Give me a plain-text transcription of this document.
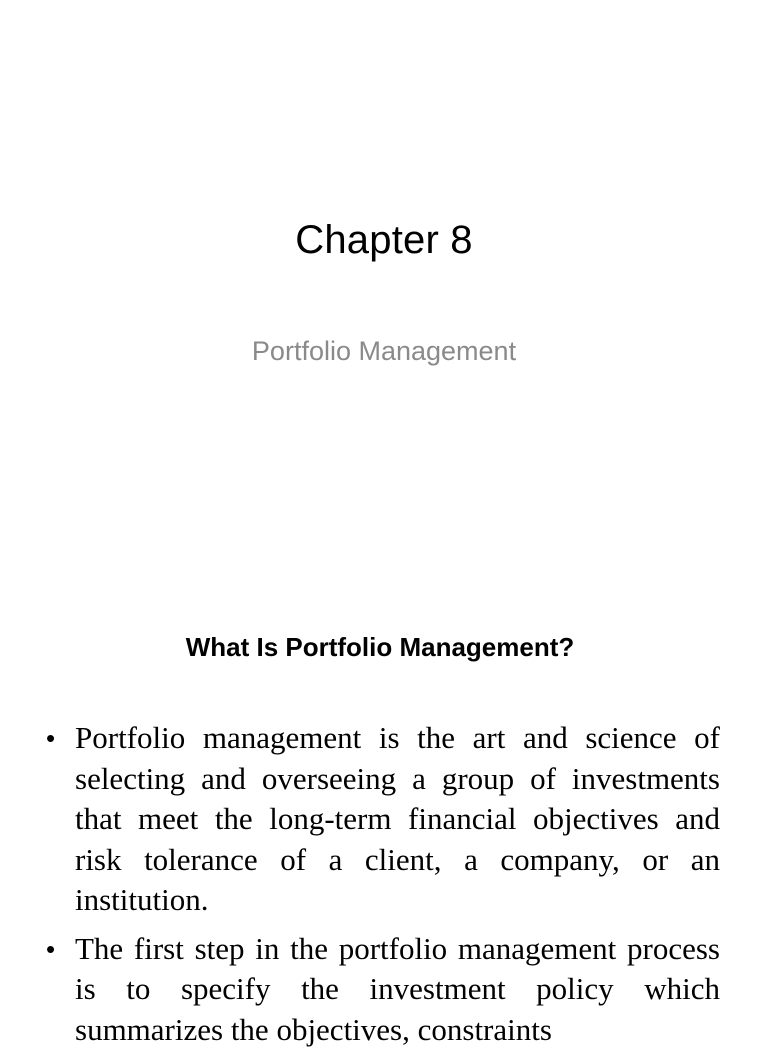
Chapter 8
Portfolio Management
What Is Portfolio Management?
• Portfolio management is the art and science of selecting and overseeing a group of investments that meet the long-term financial objectives and risk tolerance of a client, a company, or an institution.
• The first step in the portfolio management process is to specify the investment policy which summarizes the objectives, constraints
